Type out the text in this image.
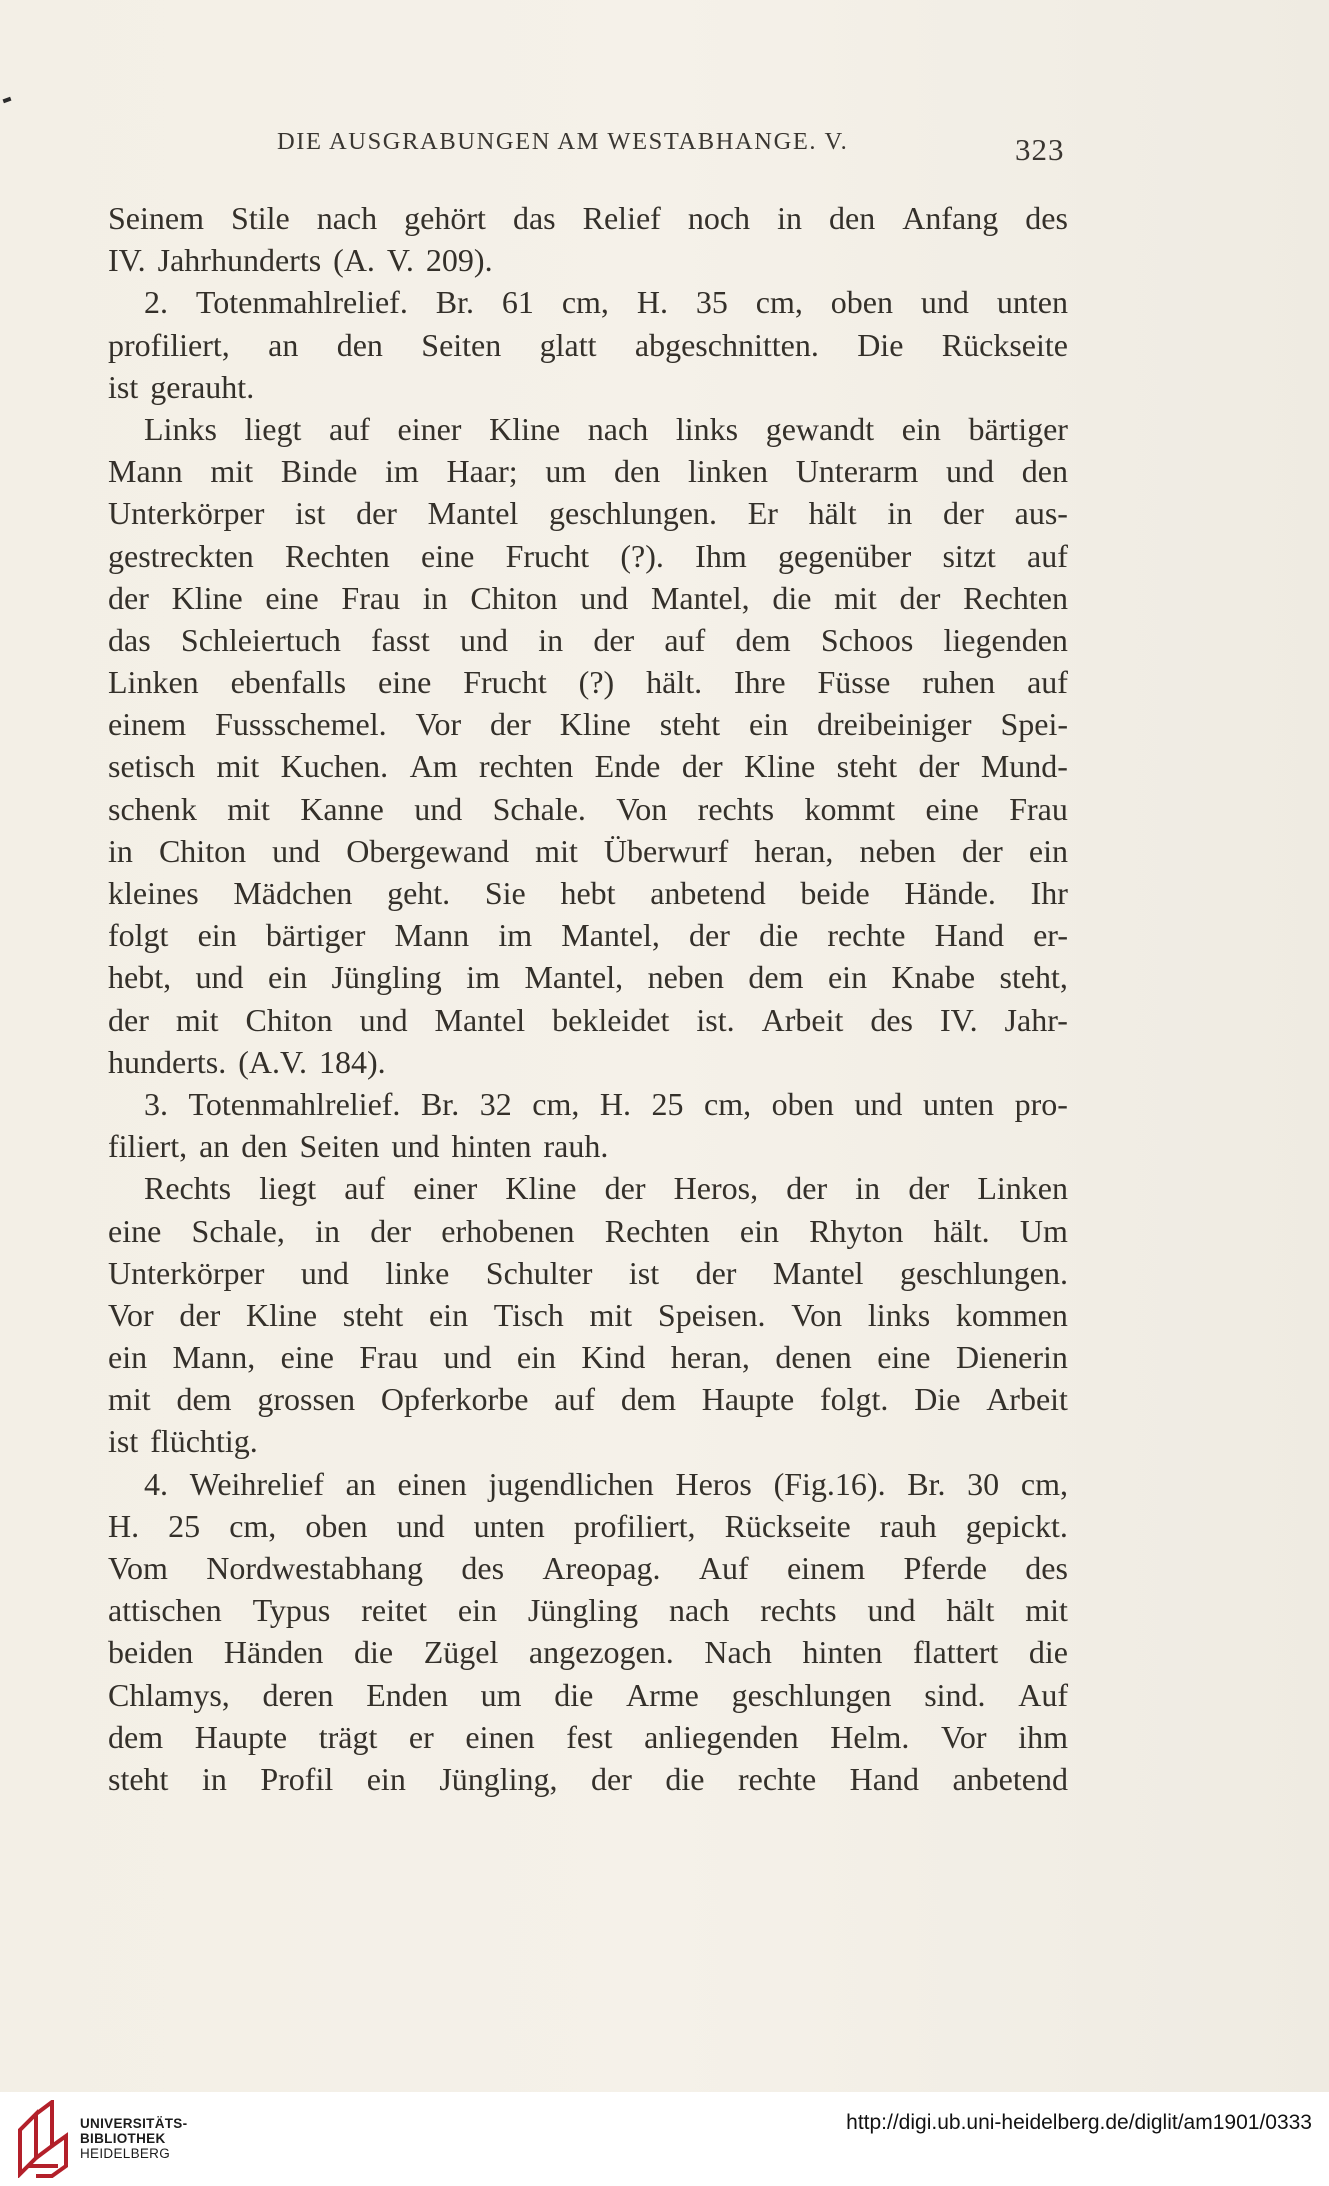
DIE AUSGRABUNGEN AM WESTABHANGE. V.	323
Seinem Stile nach gehört das Relief noch in den Anfang des
IV. Jahrhunderts (A. V. 209).
2. Totenmahlrelief. Br. 61 cm, H. 35 cm, oben und unten
profiliert, an den Seiten glatt abgeschnitten. Die Rückseite
ist gerauht.
Links liegt auf einer Kline nach links gewandt ein bärtiger
Mann mit Binde im Haar; um den linken Unterarm und den
Unterkörper ist der Mantel geschlungen. Er hält in der aus-
gestreckten Rechten eine Frucht (?). Ihm gegenüber sitzt auf
der Kline eine Frau in Chiton und Mantel, die mit der Rechten
das Schleiertuch fasst und in der auf dem Schoos liegenden
Linken ebenfalls eine Frucht (?) hält. Ihre Füsse ruhen auf
einem Fussschemel. Vor der Kline steht ein dreibeiniger Spei-
setisch mit Kuchen. Am rechten Ende der Kline steht der Mund-
schenk mit Kanne und Schale. Von rechts kommt eine Frau
in Chiton und Obergewand mit Überwurf heran, neben der ein
kleines Mädchen geht. Sie hebt anbetend beide Hände. Ihr
folgt ein bärtiger Mann im Mantel, der die rechte Hand er-
hebt, und ein Jüngling im Mantel, neben dem ein Knabe steht,
der mit Chiton und Mantel bekleidet ist. Arbeit des IV. Jahr-
hunderts. (A.V. 184).
3. Totenmahlrelief. Br. 32 cm, H. 25 cm, oben und unten pro-
filiert, an den Seiten und hinten rauh.
Rechts liegt auf einer Kline der Heros, der in der Linken
eine Schale, in der erhobenen Rechten ein Rhyton hält. Um
Unterkörper und linke Schulter ist der Mantel geschlungen.
Vor der Kline steht ein Tisch mit Speisen. Von links kommen
ein Mann, eine Frau und ein Kind heran, denen eine Dienerin
mit dem grossen Opferkorbe auf dem Haupte folgt. Die Arbeit
ist flüchtig.
4. Weihrelief an einen jugendlichen Heros (Fig.16). Br. 30 cm,
H. 25 cm, oben und unten profiliert, Rückseite rauh gepickt.
Vom Nordwestabhang des Areopag. Auf einem Pferde des
attischen Typus reitet ein Jüngling nach rechts und hält mit
beiden Händen die Zügel angezogen. Nach hinten flattert die
Chlamys, deren Enden um die Arme geschlungen sind. Auf
dem Haupte trägt er einen fest anliegenden Helm. Vor ihm
steht in Profil ein Jüngling, der die rechte Hand anbetend
UNIVERSITÄTS-
BIBLIOTHEK
HEIDELBERG
http://digi.ub.uni-heidelberg.de/diglit/am1901/0333
